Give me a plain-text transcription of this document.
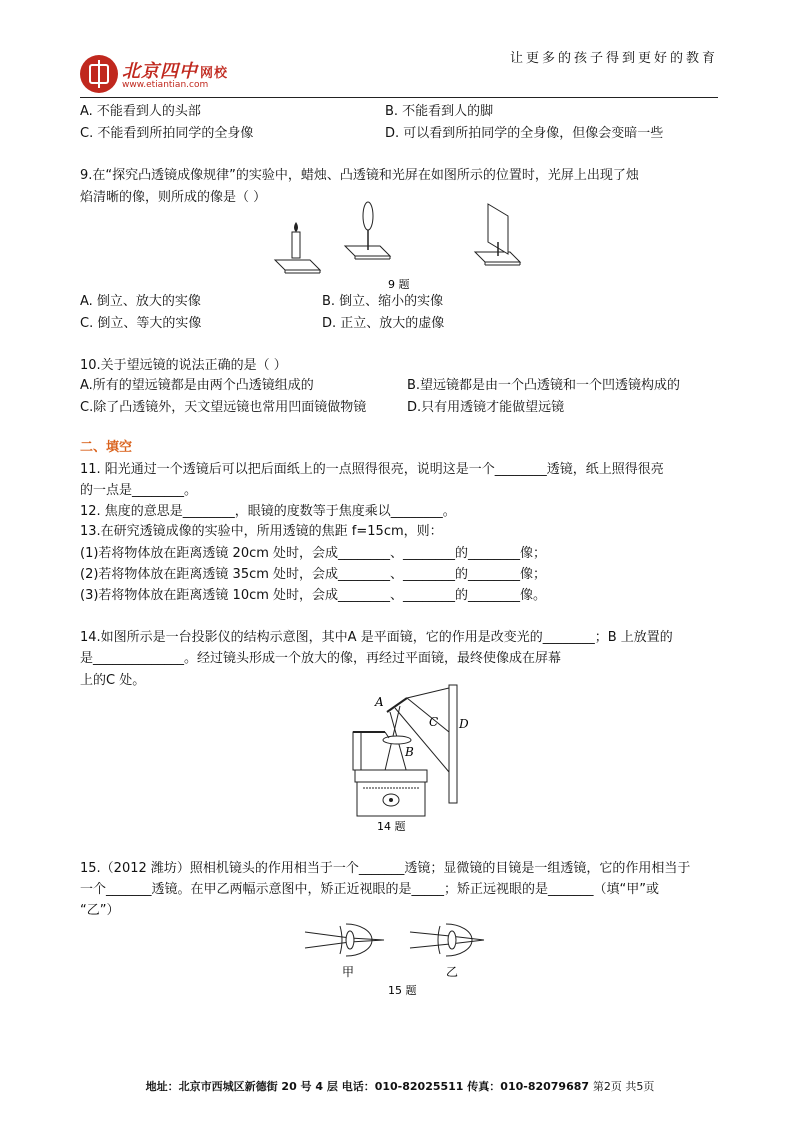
让更多的孩子得到更好的教育
北京四中 网校
www.etiantian.com
A. 不能看到人的头部	B. 不能看到人的脚
C. 不能看到所拍同学的全身像	D. 可以看到所拍同学的全身像，但像会变暗一些
9.在“探究凸透镜成像规律”的实验中，蜡烛、凸透镜和光屏在如图所示的位置时，光屏上出现了烛
焰清晰的像，则所成的像是（ ）
9 题
A. 倒立、放大的实像	B. 倒立、缩小的实像
C. 倒立、等大的实像	D. 正立、放大的虚像
10.关于望远镜的说法正确的是（ ）
A.所有的望远镜都是由两个凸透镜组成的	B.望远镜都是由一个凸透镜和一个凹透镜构成的
C.除了凸透镜外，天文望远镜也常用凹面镜做物镜	D.只有用透镜才能做望远镜
二、填空
11. 阳光通过一个透镜后可以把后面纸上的一点照得很亮，说明这是一个________透镜，纸上照得很亮
的一点是________。
12. 焦度的意思是________，眼镜的度数等于焦度乘以________。
13.在研究透镜成像的实验中，所用透镜的焦距 f=15cm，则：
(1)若将物体放在距离透镜 20cm 处时，会成________、________的________像；
(2)若将物体放在距离透镜 35cm 处时，会成________、________的________像；
(3)若将物体放在距离透镜 10cm 处时，会成________、________的________像。
14.如图所示是一台投影仪的结构示意图，其中A 是平面镜，它的作用是改变光的________；B 上放置的
是______________。经过镜头形成一个放大的像，再经过平面镜，最终使像成在屏幕
上的C 处。
A
B
C D
14 题
15.（2012 潍坊）照相机镜头的作用相当于一个_______透镜；显微镜的目镜是一组透镜，它的作用相当于
一个_______透镜。在甲乙两幅示意图中，矫正近视眼的是_____；矫正远视眼的是_______（填“甲”或
“乙”）
甲	乙
15 题
地址：北京市西城区新德街 20 号 4 层 电话：010-82025511 传真：010-82079687 第2页 共5页
